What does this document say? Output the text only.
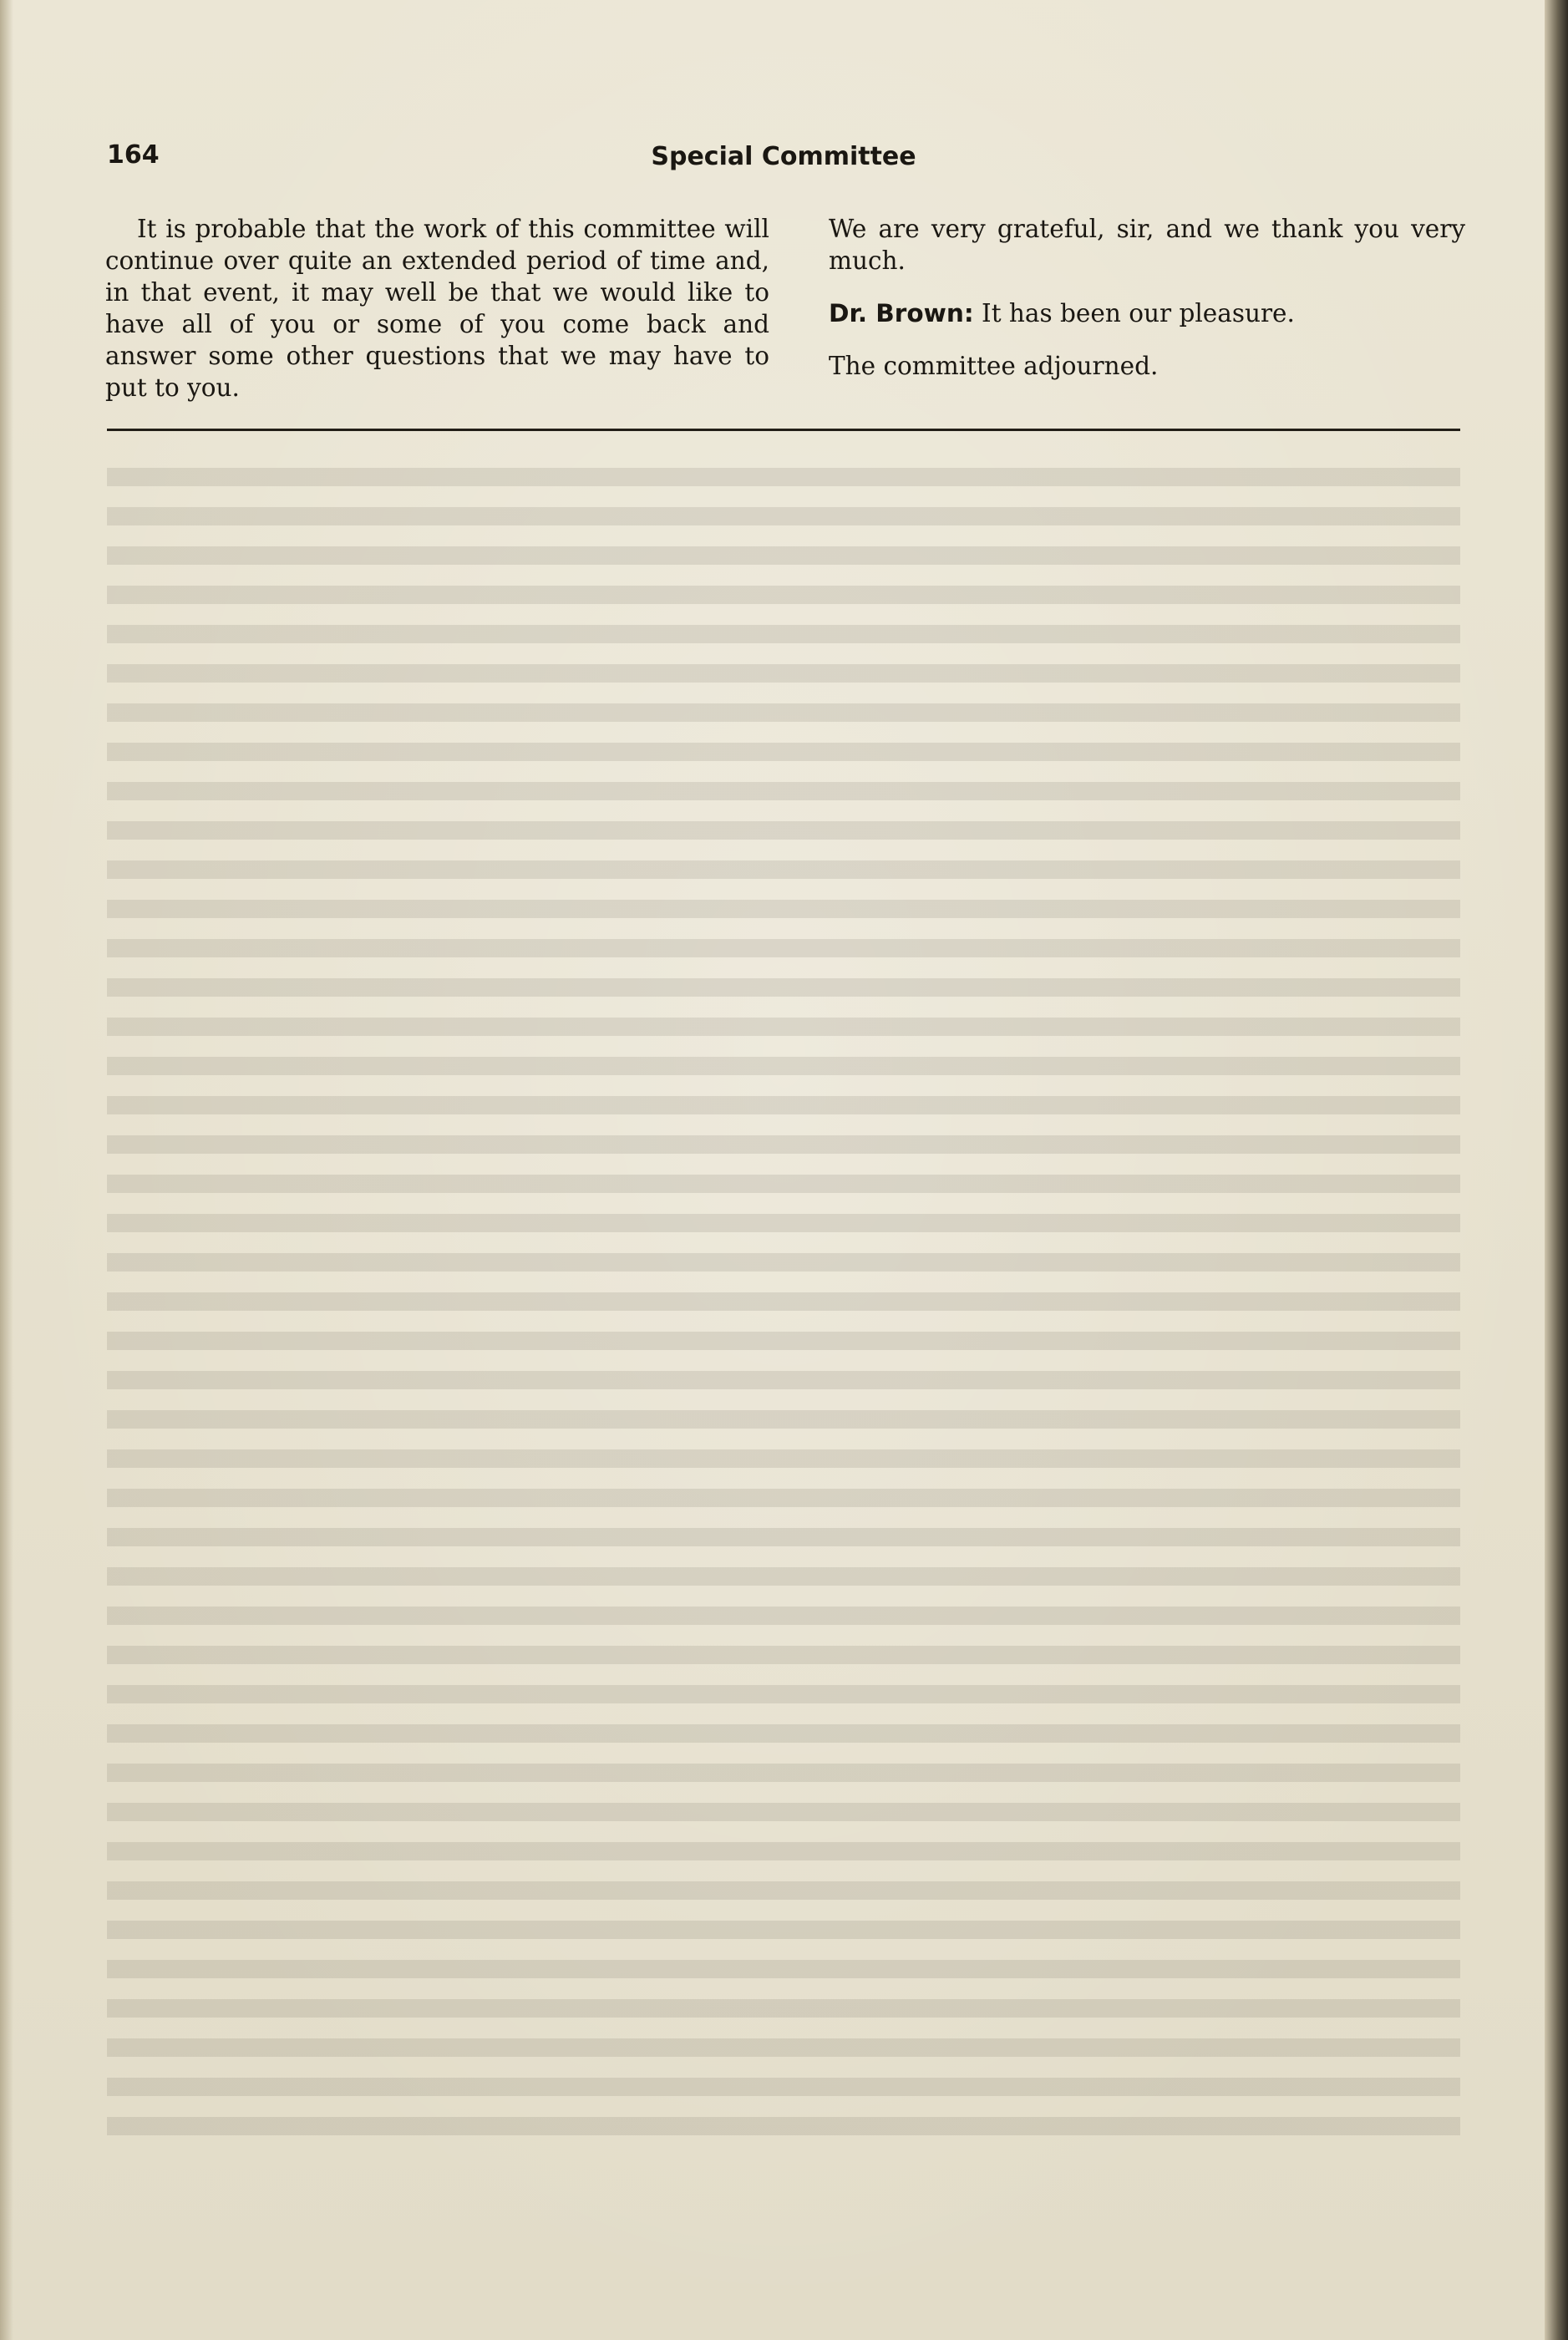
164	Special Committee

It is probable that the work of this committee will continue over quite an extended period of time and, in that event, it may well be that we would like to have all of you or some of you come back and answer some other questions that we may have to put to you.

We are very grateful, sir, and we thank you very much.

Dr. Brown: It has been our pleasure.

The committee adjourned.
